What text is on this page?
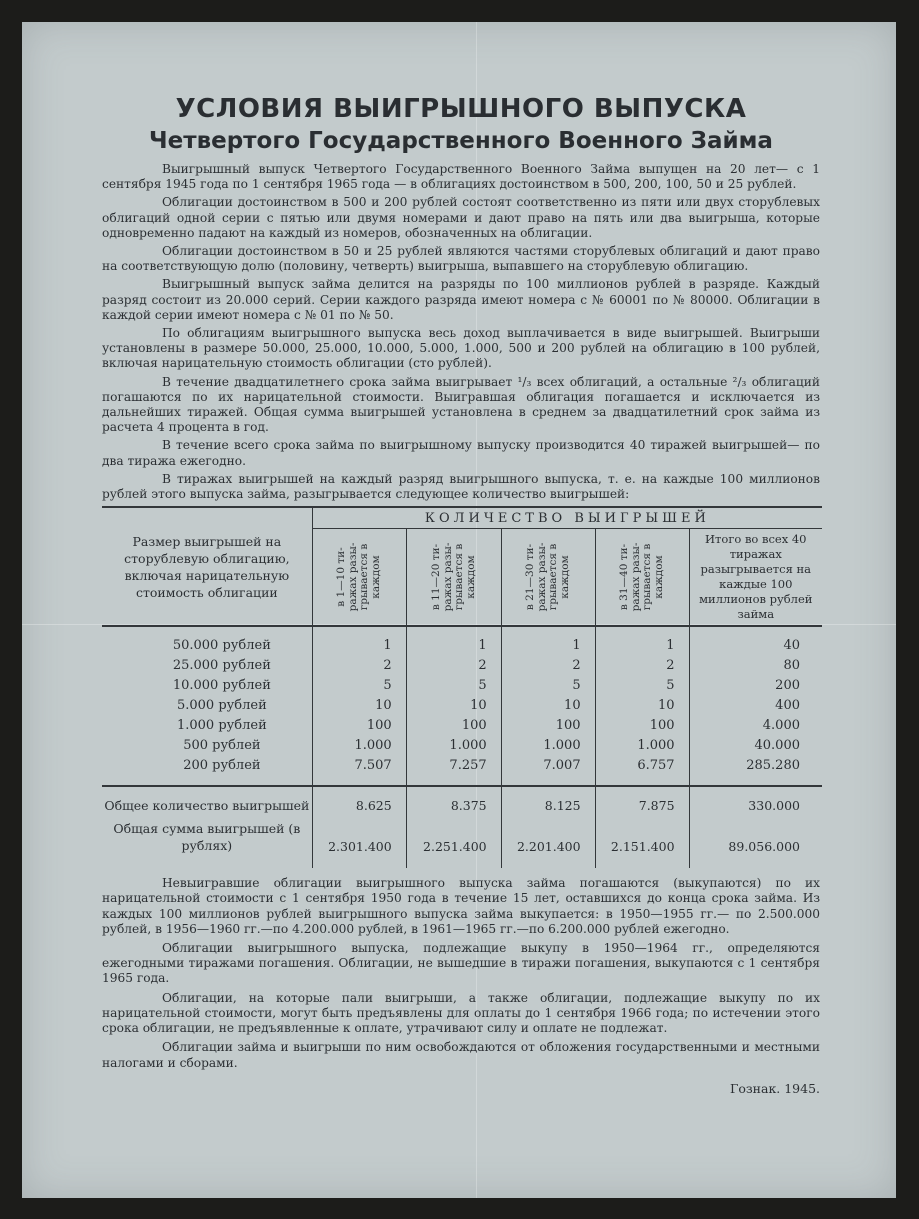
УСЛОВИЯ ВЫИГРЫШНОГО ВЫПУСКА
Четвертого Государственного Военного Займа

Выигрышный выпуск Четвертого Государственного Военного Займа выпущен на 20 лет— с 1 сентября 1945 года по 1 сентября 1965 года — в облигациях достоинством в 500, 200, 100, 50 и 25 рублей.

Облигации достоинством в 500 и 200 рублей состоят соответственно из пяти или двух сторублевых облигаций одной серии с пятью или двумя номерами и дают право на пять или два выигрыша, которые одновременно падают на каждый из номеров, обозначенных на облигации.

Облигации достоинством в 50 и 25 рублей являются частями сторублевых облигаций и дают право на соответствующую долю (половину, четверть) выигрыша, выпавшего на сторублевую облигацию.

Выигрышный выпуск займа делится на разряды по 100 миллионов рублей в разряде. Каждый разряд состоит из 20.000 серий. Серии каждого разряда имеют номера с № 60001 по № 80000. Облигации в каждой серии имеют номера с № 01 по № 50.

По облигациям выигрышного выпуска весь доход выплачивается в виде выигрышей. Выигрыши установлены в размере 50.000, 25.000, 10.000, 5.000, 1.000, 500 и 200 рублей на облигацию в 100 рублей, включая нарицательную стоимость облигации (сто рублей).

В течение двадцатилетнего срока займа выигрывает ¹/₃ всех облигаций, а остальные ²/₃ облигаций погашаются по их нарицательной стоимости. Выигравшая облигация погашается и исключается из дальнейших тиражей. Общая сумма выигрышей установлена в среднем за двадцатилетний срок займа из расчета 4 процента в год.

В течение всего срока займа по выигрышному выпуску производится 40 тиражей выигрышей— по два тиража ежегодно.

В тиражах выигрышей на каждый разряд выигрышного выпуска, т. е. на каждые 100 миллионов рублей этого выпуска займа, разыгрывается следующее количество выигрышей:

Размер выигрышей на сторублевую облигацию, включая нарицательную стоимость облигации	КОЛИЧЕСТВО ВЫИГРЫШЕЙ				

	в 1—10 ти- ражах разы- грывается в каждом	в 11—20 ти- ражах разы- грывается в каждом	в 21—30 ти- ражах разы- грывается в каждом	в 31—40 ти- ражах разы- грывается в каждом	Итого во всех 40 тиражах разыгрывается на каждые 100 миллионов рублей займа
50.000 рублей	1	1	1	1	40
25.000 рублей	2	2	2	2	80
10.000 рублей	5	5	5	5	200
5.000 рублей	10	10	10	10	400
1.000 рублей	100	100	100	100	4.000
500 рублей	1.000	1.000	1.000	1.000	40.000
200 рублей	7.507	7.257	7.007	6.757	285.280
Общее количество выигрышей	8.625	8.375	8.125	7.875	330.000
Общая сумма выигрышей (в рублях)	2.301.400	2.251.400	2.201.400	2.151.400	89.056.000

Невыигравшие облигации выигрышного выпуска займа погашаются (выкупаются) по их нарицательной стоимости с 1 сентября 1950 года в течение 15 лет, оставшихся до конца срока займа. Из каждых 100 миллионов рублей выигрышного выпуска займа выкупается: в 1950—1955 гг.— по 2.500.000 рублей, в 1956—1960 гг.—по 4.200.000 рублей, в 1961—1965 гг.—по 6.200.000 рублей ежегодно.

Облигации выигрышного выпуска, подлежащие выкупу в 1950—1964 гг., определяются ежегодными тиражами погашения. Облигации, не вышедшие в тиражи погашения, выкупаются с 1 сентября 1965 года.

Облигации, на которые пали выигрыши, а также облигации, подлежащие выкупу по их нарицательной стоимости, могут быть предъявлены для оплаты до 1 сентября 1966 года; по истечении этого срока облигации, не предъявленные к оплате, утрачивают силу и оплате не подлежат.

Облигации займа и выигрыши по ним освобождаются от обложения государственными и местными налогами и сборами.

Гознак. 1945.
